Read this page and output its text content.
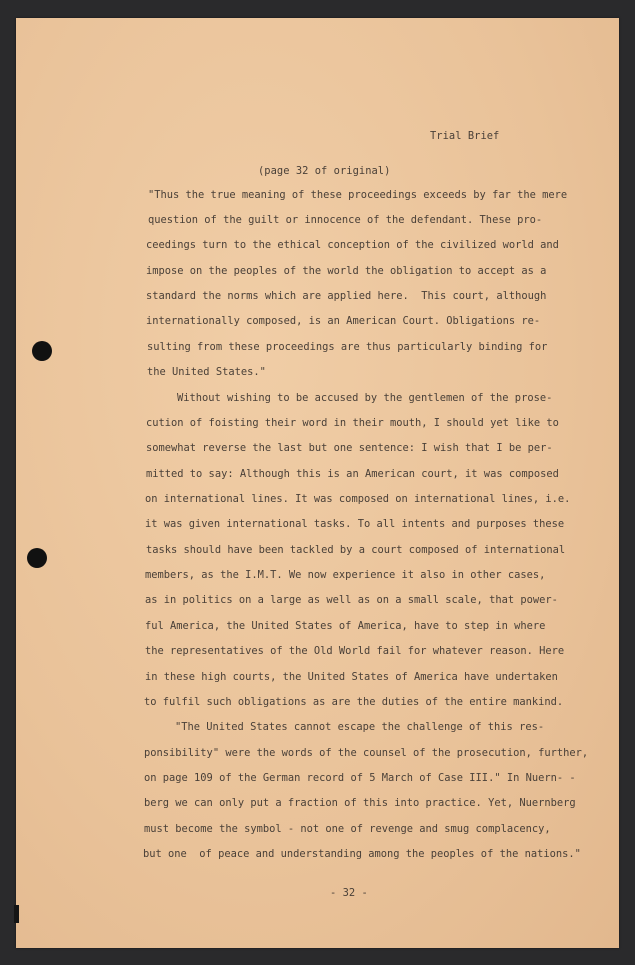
Trial Brief
(page 32 of original)
"Thus the true meaning of these proceedings exceeds by far the mere
question of the guilt or innocence of the defendant. These pro-
ceedings turn to the ethical conception of the civilized world and
impose on the peoples of the world the obligation to accept as a
standard the norms which are applied here.  This court, although
internationally composed, is an American Court. Obligations re-
sulting from these proceedings are thus particularly binding for
the United States."
Without wishing to be accused by the gentlemen of the prose-
cution of foisting their word in their mouth, I should yet like to
somewhat reverse the last but one sentence: I wish that I be per-
mitted to say: Although this is an American court, it was composed
on international lines. It was composed on international lines, i.e.
it was given international tasks. To all intents and purposes these
tasks should have been tackled by a court composed of international
members, as the I.M.T. We now experience it also in other cases,
as in politics on a large as well as on a small scale, that power-
ful America, the United States of America, have to step in where
the representatives of the Old World fail for whatever reason. Here
in these high courts, the United States of America have undertaken
to fulfil such obligations as are the duties of the entire mankind.
"The United States cannot escape the challenge of this res-
ponsibility" were the words of the counsel of the prosecution, further,
on page 109 of the German record of 5 March of Case III." In Nuern- -
berg we can only put a fraction of this into practice. Yet, Nuernberg
must become the symbol - not one of revenge and smug complacency,
but one  of peace and understanding among the peoples of the nations."
- 32 -
